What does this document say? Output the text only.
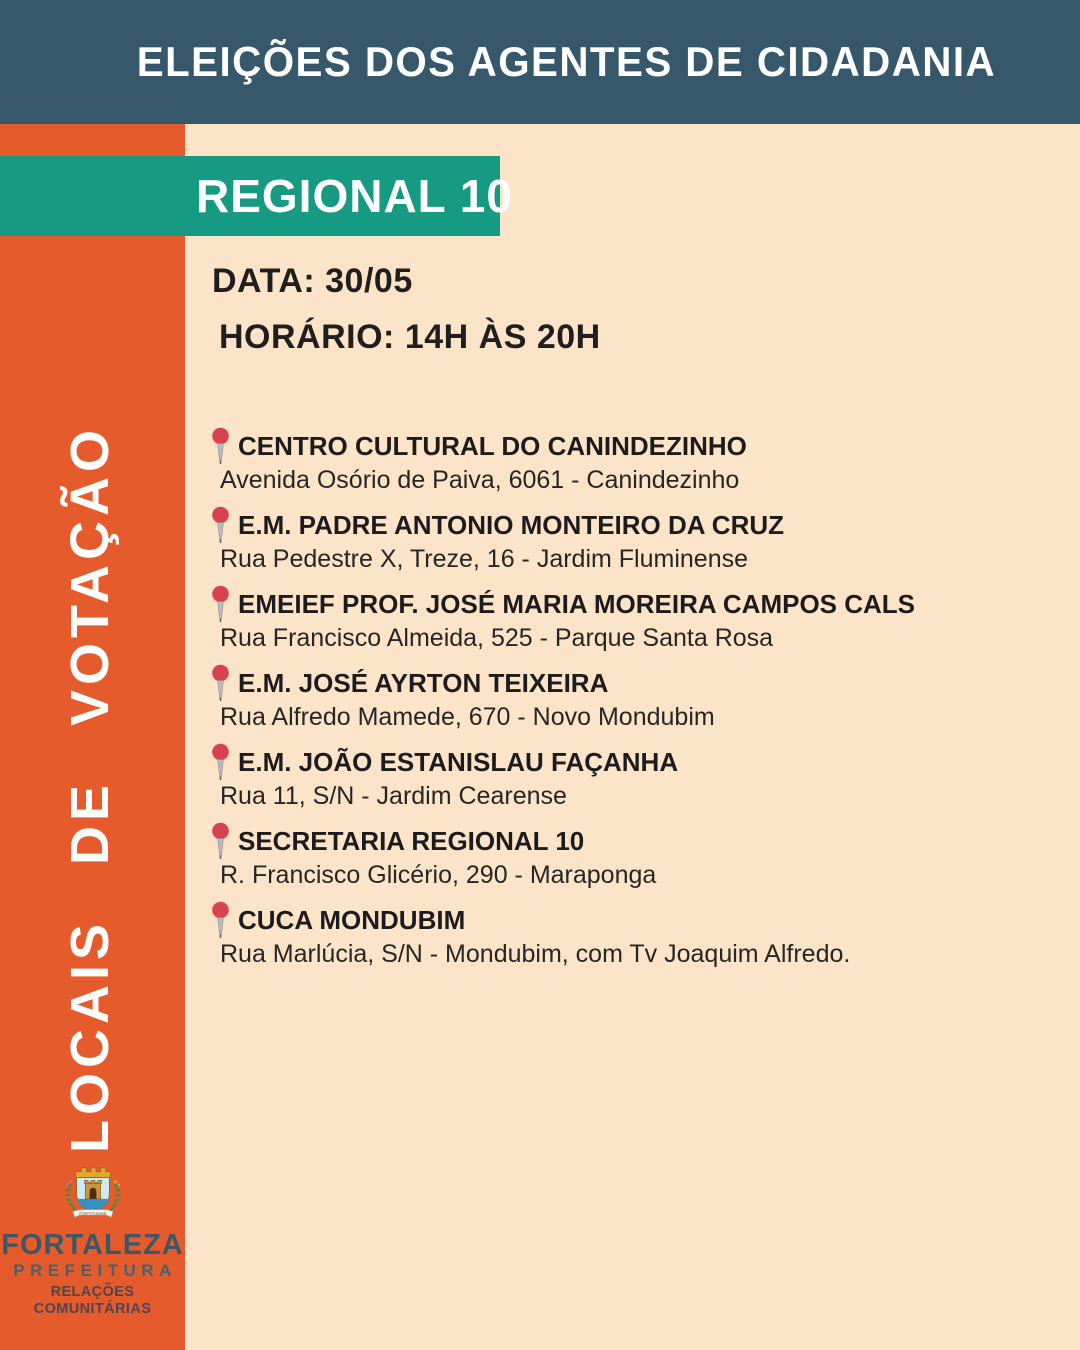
ELEIÇÕES DOS AGENTES DE CIDADANIA
LOCAIS DE VOTAÇÃO
REGIONAL 10
DATA: 30/05
HORÁRIO: 14H ÀS 20H
CENTRO CULTURAL DO CANINDEZINHO
Avenida Osório de Paiva, 6061 - Canindezinho
E.M. PADRE ANTONIO MONTEIRO DA CRUZ
Rua Pedestre X, Treze, 16 - Jardim Fluminense
EMEIEF PROF. JOSÉ MARIA MOREIRA CAMPOS CALS
Rua Francisco Almeida, 525 - Parque Santa Rosa
E.M. JOSÉ AYRTON TEIXEIRA
Rua Alfredo Mamede, 670 - Novo Mondubim
E.M. JOÃO ESTANISLAU FAÇANHA
Rua 11, S/N - Jardim Cearense
SECRETARIA REGIONAL 10
R. Francisco Glicério, 290 - Maraponga
CUCA MONDUBIM
Rua Marlúcia, S/N - Mondubim, com Tv Joaquim Alfredo.
FORTITUDINE
FORTALEZA
PREFEITURA
RELAÇÕES
COMUNITÁRIAS
